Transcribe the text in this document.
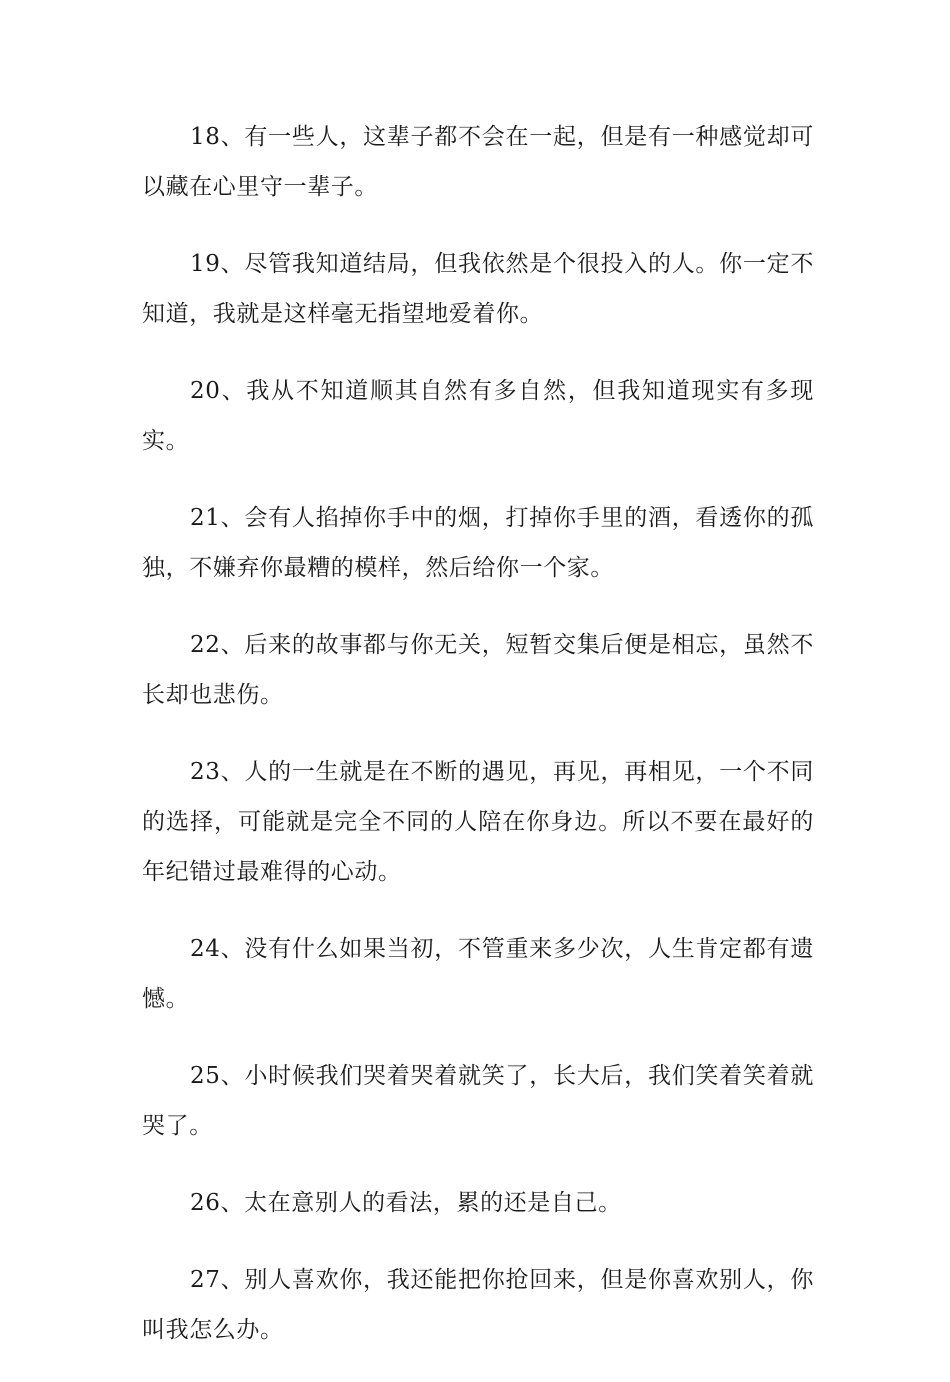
18、有一些人，这辈子都不会在一起，但是有一种感觉却可以藏在心里守一辈子。

19、尽管我知道结局，但我依然是个很投入的人。你一定不知道，我就是这样毫无指望地爱着你。

20、我从不知道顺其自然有多自然，但我知道现实有多现实。

21、会有人掐掉你手中的烟，打掉你手里的酒，看透你的孤独，不嫌弃你最糟的模样，然后给你一个家。

22、后来的故事都与你无关，短暂交集后便是相忘，虽然不长却也悲伤。

23、人的一生就是在不断的遇见，再见，再相见，一个不同的选择，可能就是完全不同的人陪在你身边。所以不要在最好的年纪错过最难得的心动。

24、没有什么如果当初，不管重来多少次，人生肯定都有遗憾。

25、小时候我们哭着哭着就笑了，长大后，我们笑着笑着就哭了。

26、太在意别人的看法，累的还是自己。

27、别人喜欢你，我还能把你抢回来，但是你喜欢别人，你叫我怎么办。
